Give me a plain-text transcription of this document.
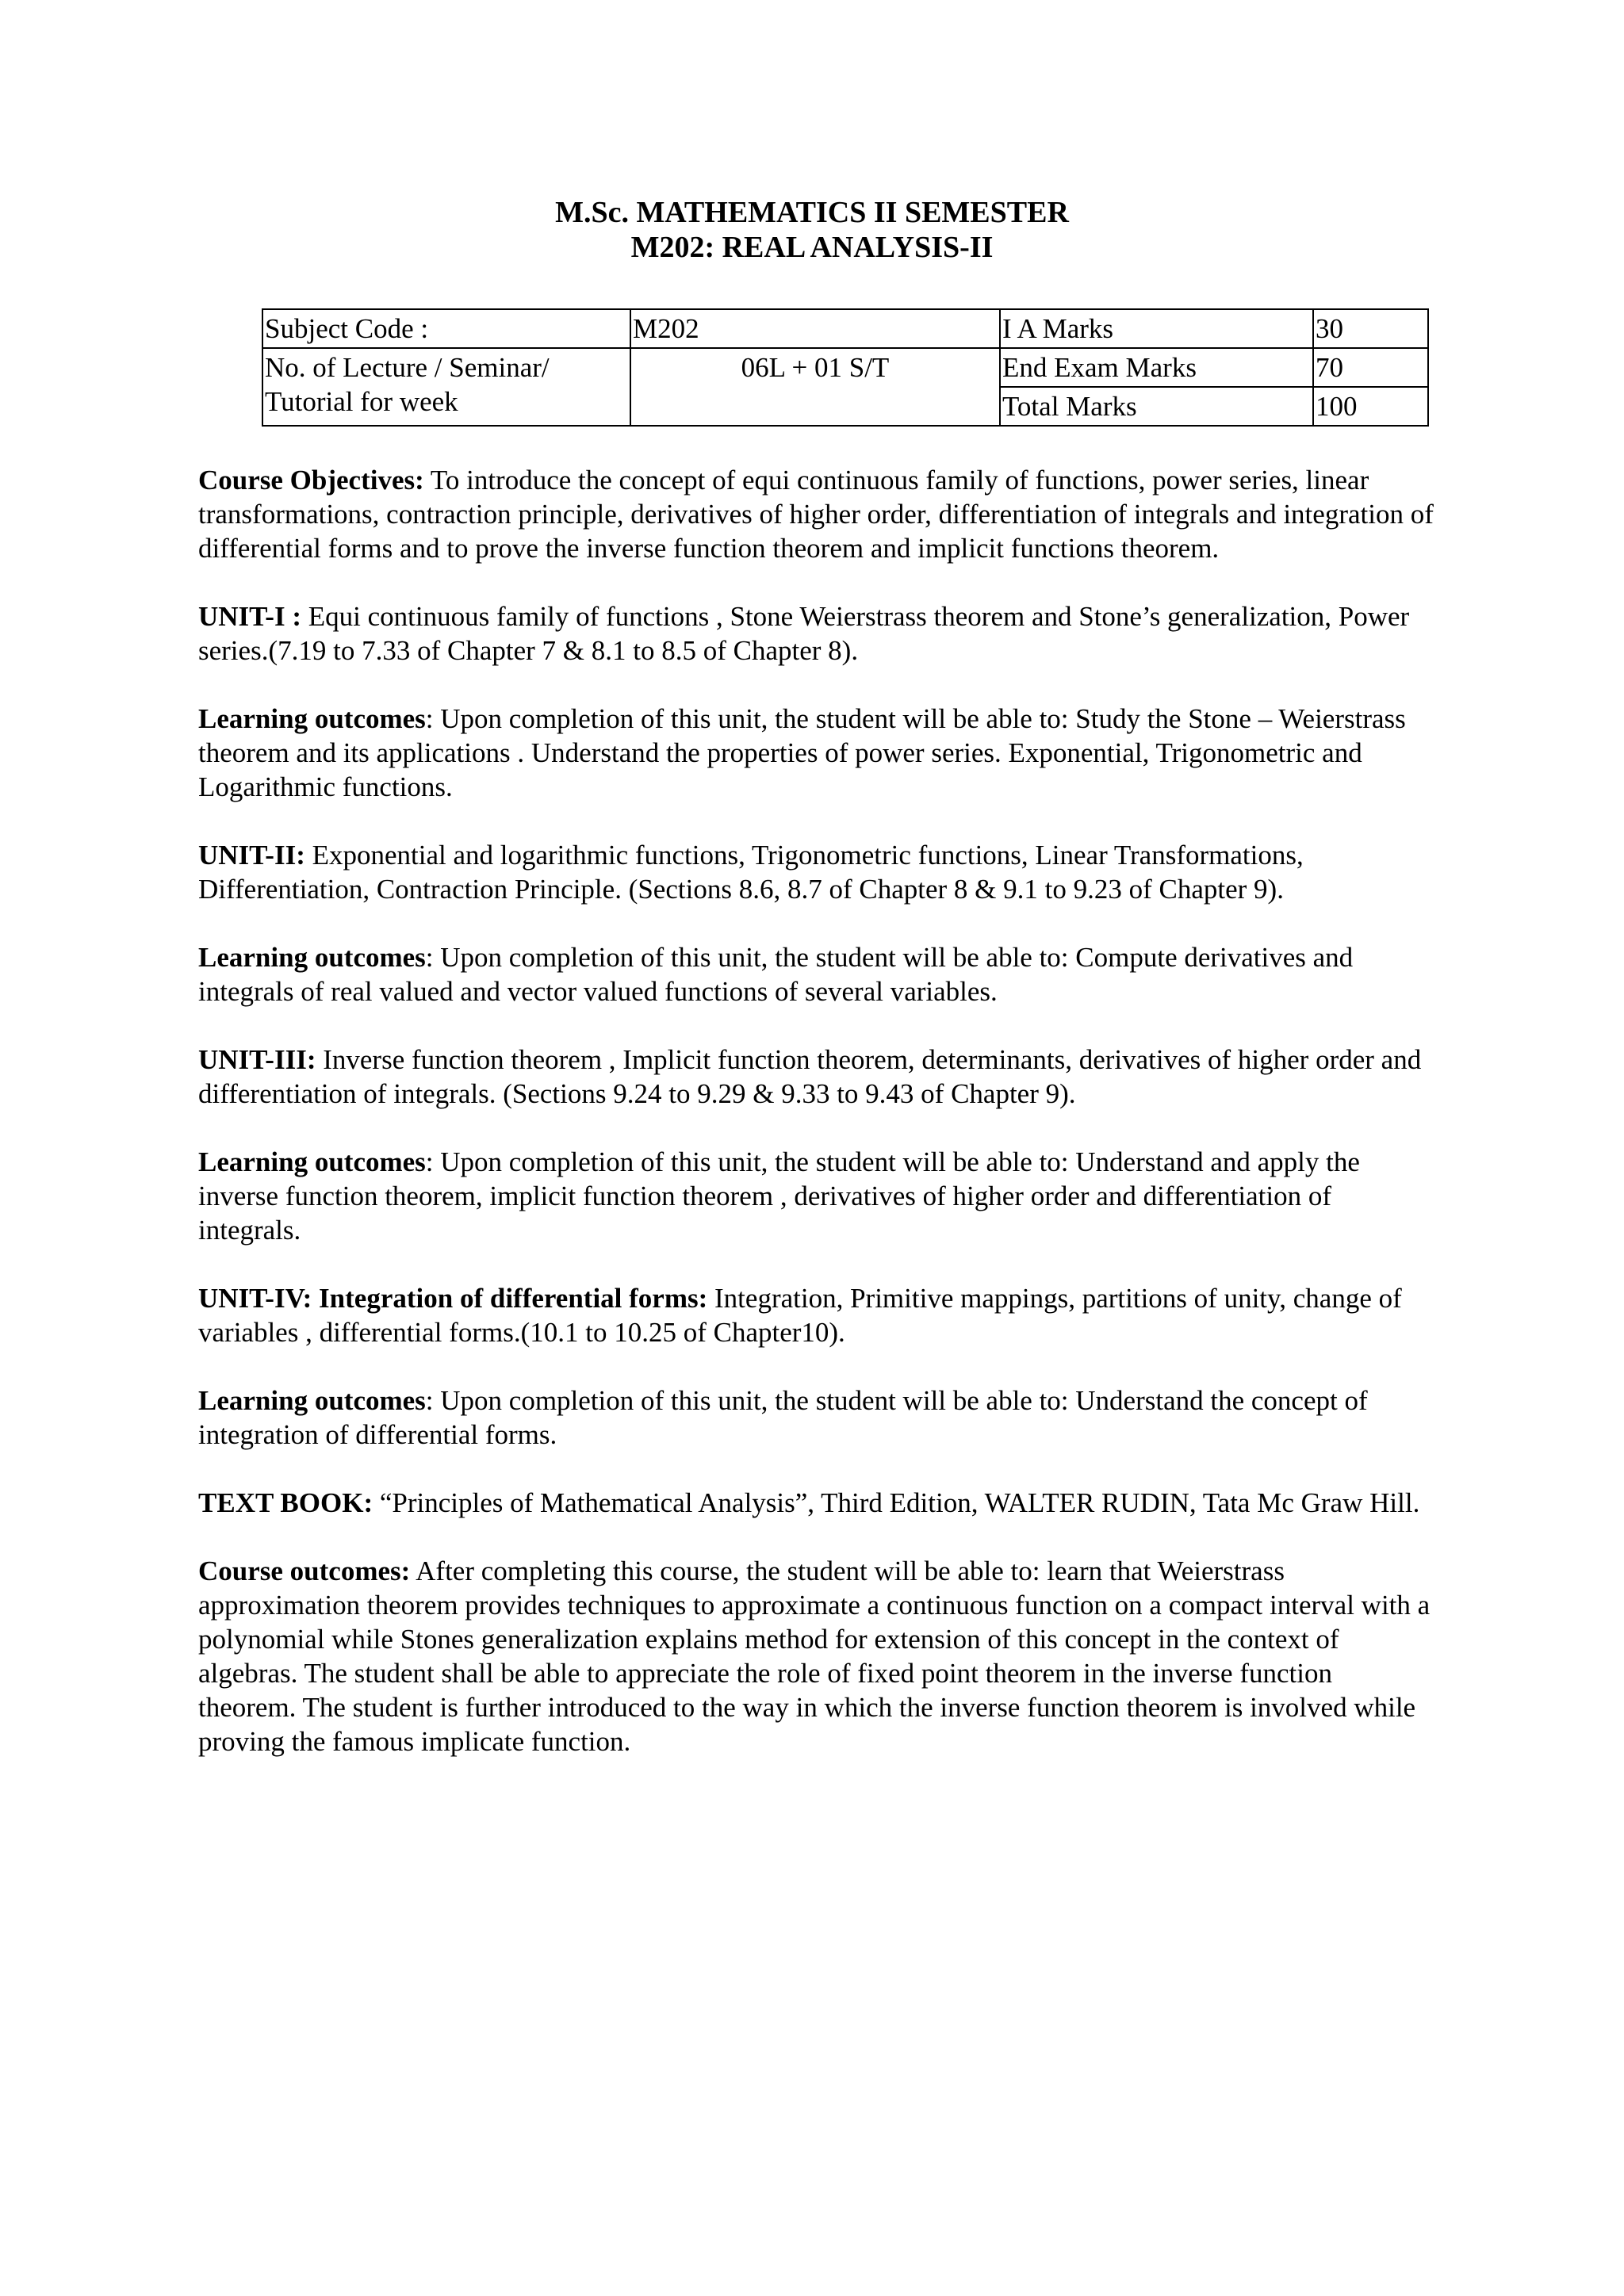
M.Sc. MATHEMATICS II SEMESTER
M202: REAL ANALYSIS-II
Subject Code :	M202	I A Marks	30

No. of Lecture / Seminar/
Tutorial for week	06L + 01 S/T	End Exam Marks	70
		Total Marks	100

Course Objectives: To introduce the concept of equi continuous family of functions, power series, linear transformations, contraction principle, derivatives of higher order, differentiation of integrals and integration of differential forms and to prove the inverse function theorem and implicit functions theorem.

UNIT-I : Equi continuous family of functions , Stone Weierstrass theorem and Stone’s generalization, Power series.(7.19 to 7.33 of Chapter 7 & 8.1 to 8.5 of Chapter 8).

Learning outcomes: Upon completion of this unit, the student will be able to: Study the Stone – Weierstrass theorem and its applications . Understand the properties of power series. Exponential, Trigonometric and Logarithmic functions.

UNIT-II: Exponential and logarithmic functions, Trigonometric functions, Linear Transformations, Differentiation, Contraction Principle. (Sections 8.6, 8.7 of Chapter 8 & 9.1 to 9.23 of Chapter 9).

Learning outcomes: Upon completion of this unit, the student will be able to: Compute derivatives and integrals of real valued and vector valued functions of several variables.

UNIT-III: Inverse function theorem , Implicit function theorem, determinants, derivatives of higher order and differentiation of integrals. (Sections 9.24 to 9.29 & 9.33 to 9.43 of Chapter 9).

Learning outcomes: Upon completion of this unit, the student will be able to: Understand and apply the inverse function theorem, implicit function theorem , derivatives of higher order and differentiation of integrals.

UNIT-IV: Integration of differential forms: Integration, Primitive mappings, partitions of unity, change of variables , differential forms.(10.1 to 10.25 of Chapter10).

Learning outcomes: Upon completion of this unit, the student will be able to: Understand the concept of integration of differential forms.

TEXT BOOK: “Principles of Mathematical Analysis”, Third Edition, WALTER RUDIN, Tata Mc Graw Hill.

Course outcomes: After completing this course, the student will be able to: learn that Weierstrass approximation theorem provides techniques to approximate a continuous function on a compact interval with a polynomial while Stones generalization explains method for extension of this concept in the context of algebras. The student shall be able to appreciate the role of fixed point theorem in the inverse function theorem. The student is further introduced to the way in which the inverse function theorem is involved while proving the famous implicate function.
